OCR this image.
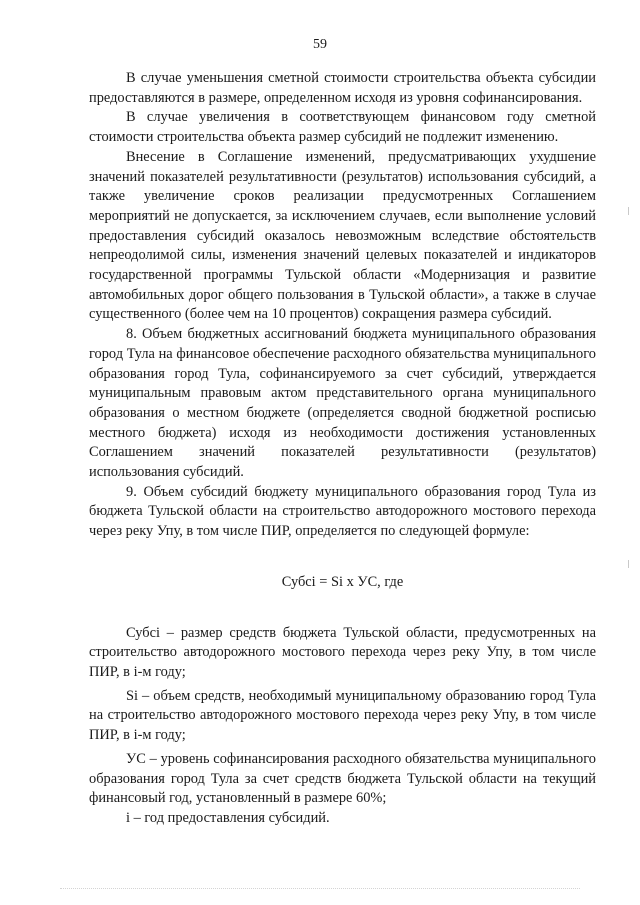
59

В случае уменьшения сметной стоимости строительства объекта субсидии предоставляются в размере, определенном исходя из уровня софинансирования.

В случае увеличения в соответствующем финансовом году сметной стоимости строительства объекта размер субсидий не подлежит изменению.

Внесение в Соглашение изменений, предусматривающих ухудшение значений показателей результативности (результатов) использования субсидий, а также увеличение сроков реализации предусмотренных Соглашением мероприятий не допускается, за исключением случаев, если выполнение условий предоставления субсидий оказалось невозможным вследствие обстоятельств непреодолимой силы, изменения значений целевых показателей и индикаторов государственной программы Тульской области «Модернизация и развитие автомобильных дорог общего пользования в Тульской области», а также в случае существенного (более чем на 10 процентов) сокращения размера субсидий.

8. Объем бюджетных ассигнований бюджета муниципального образования город Тула на финансовое обеспечение расходного обязательства муниципального образования город Тула, софинансируемого за счет субсидий, утверждается муниципальным правовым актом представительного органа муниципального образования о местном бюджете (определяется сводной бюджетной росписью местного бюджета) исходя из необходимости достижения установленных Соглашением значений показателей результативности (результатов) использования субсидий.

9. Объем субсидий бюджету муниципального образования город Тула из бюджета Тульской области на строительство автодорожного мостового перехода через реку Упу, в том числе ПИР, определяется по следующей формуле:

Субсi = Si x УС, где

Субсi – размер средств бюджета Тульской области, предусмотренных на строительство автодорожного мостового перехода через реку Упу, в том числе ПИР, в i-м году;

Si – объем средств, необходимый муниципальному образованию город Тула на строительство автодорожного мостового перехода через реку Упу, в том числе ПИР, в i-м году;

УС – уровень софинансирования расходного обязательства муниципального образования город Тула за счет средств бюджета Тульской области на текущий финансовый год, установленный в размере 60%;

i – год предоставления субсидий.
